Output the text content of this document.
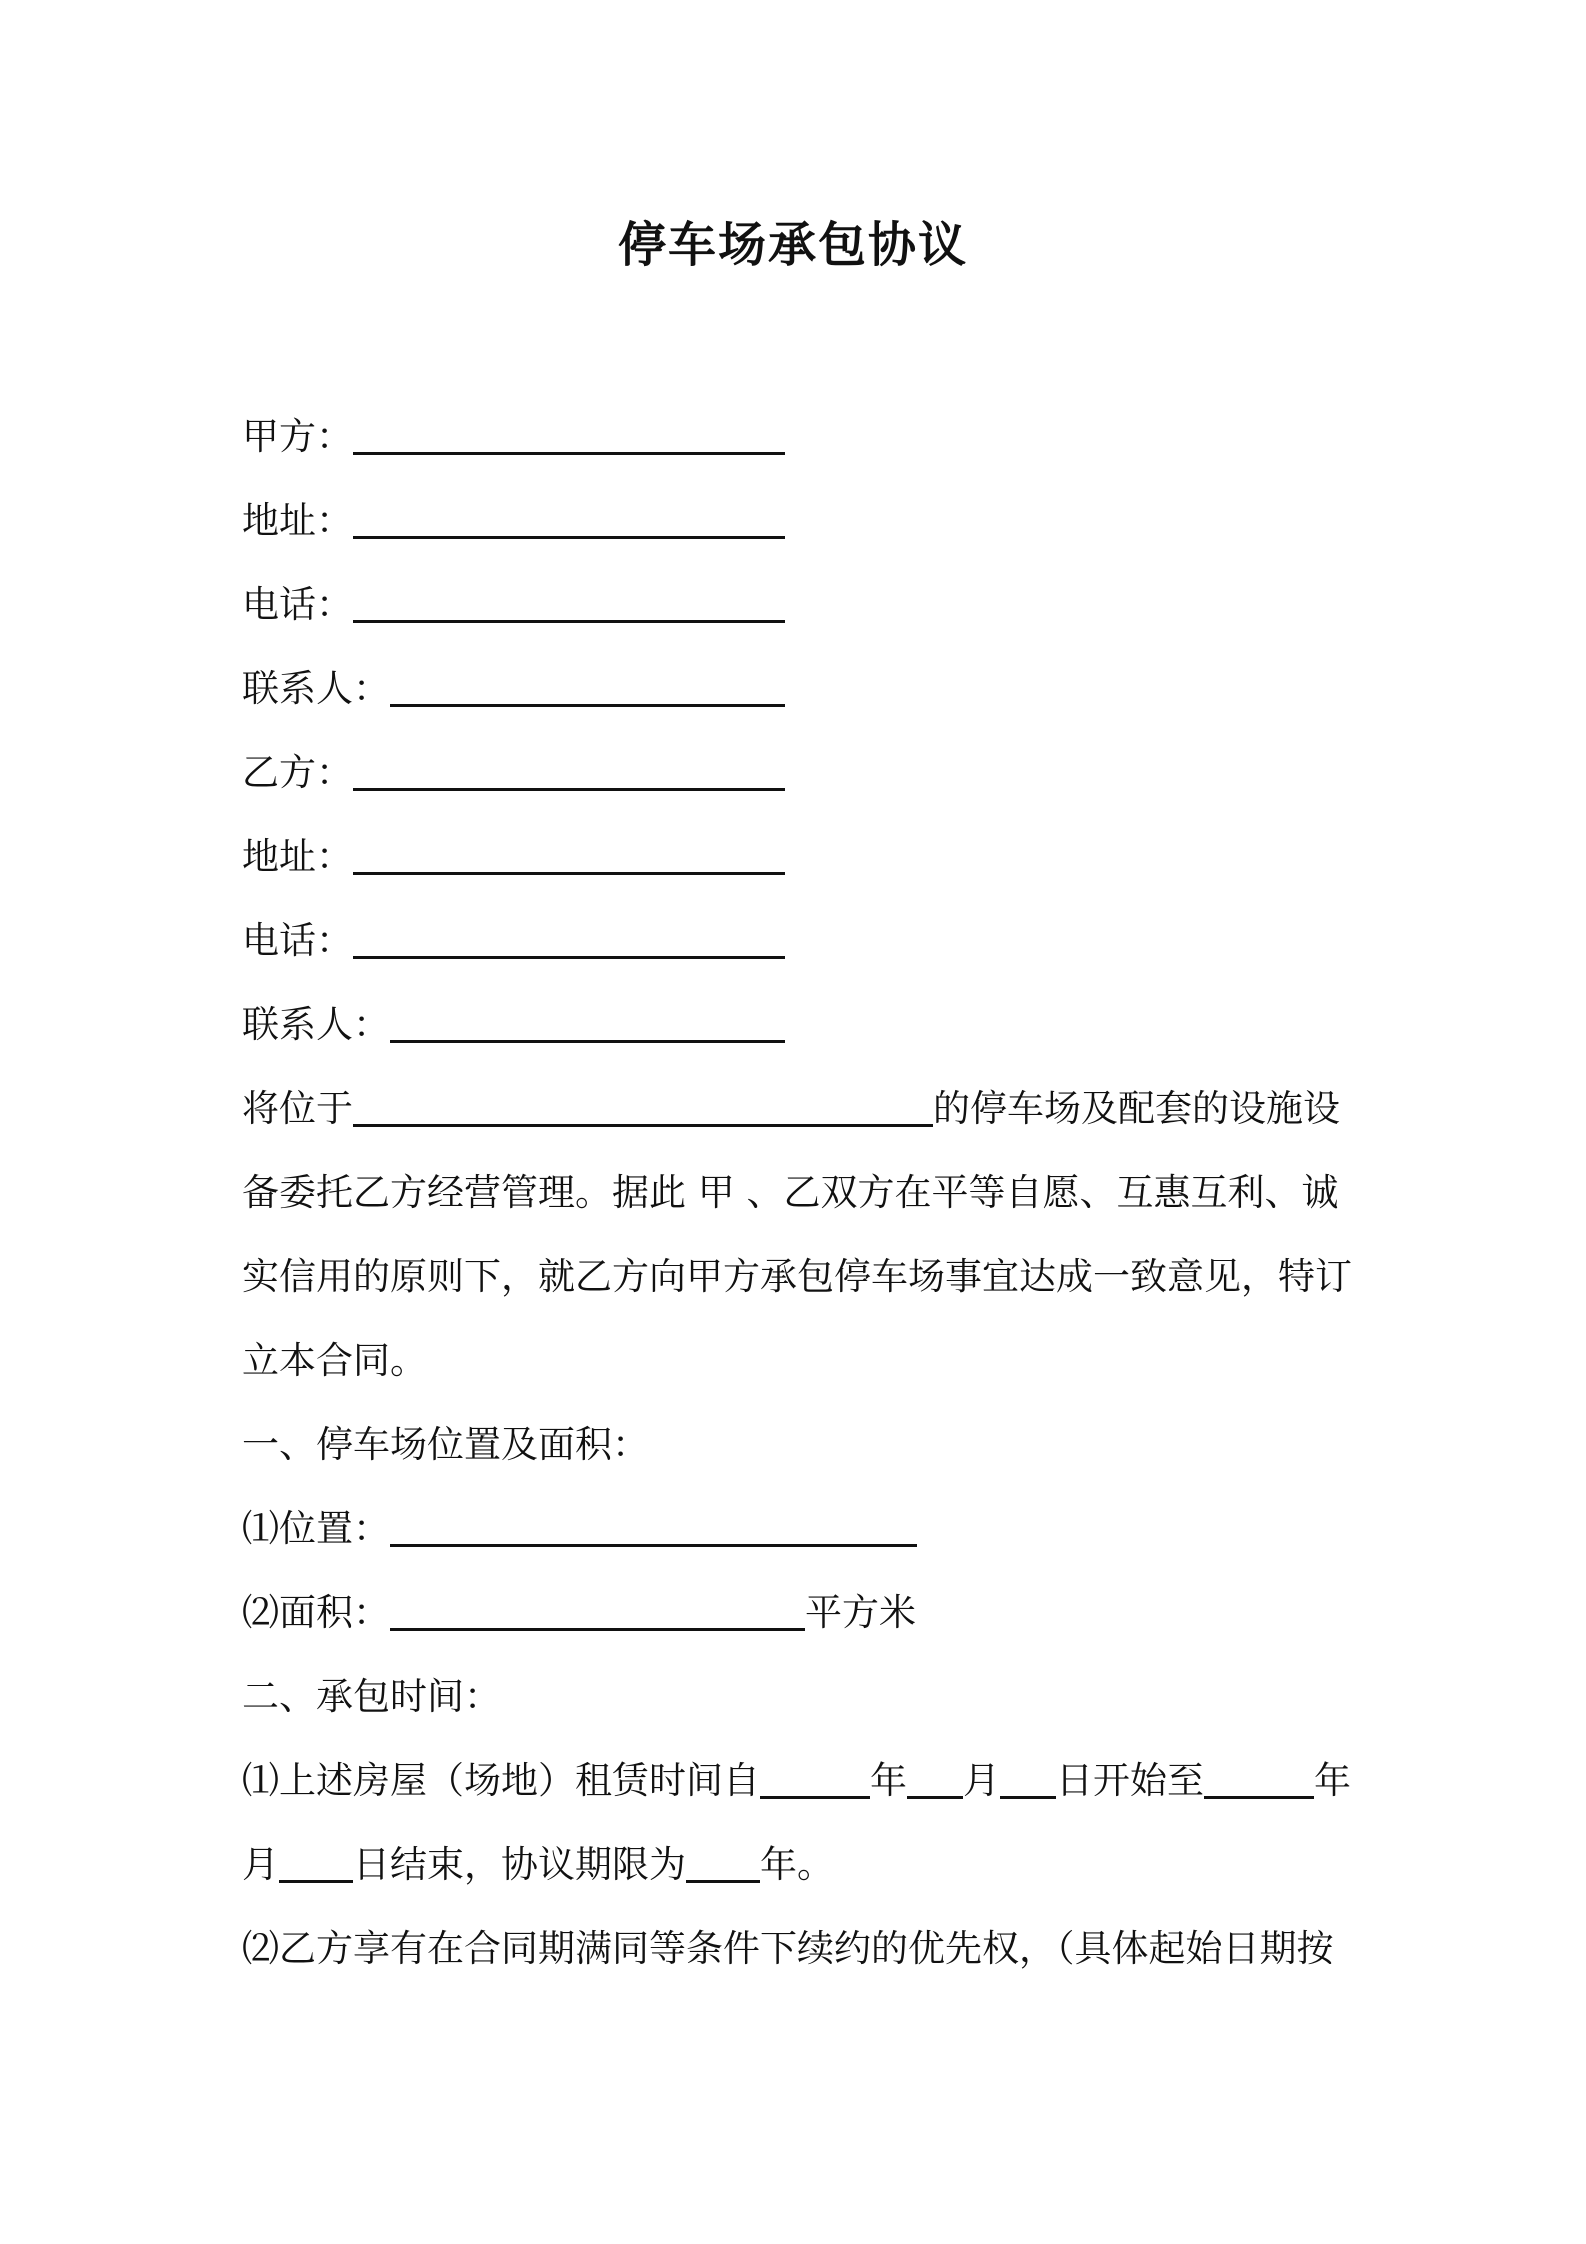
停车场承包协议
甲方：
地址：
电话：
联系人：
乙方：
地址：
电话：
联系人：
将位于	的停车场及配套的设施设
备委托乙方经营管理。据此 甲 、乙双方在平等自愿、互惠互利、诚
实信用的原则下，就乙方向甲方承包停车场事宜达成一致意见，特订
立本合同。
一、停车场位置及面积：
⑴位置：
⑵面积：	平方米
二、承包时间：
⑴上述房屋（场地）租赁时间自	年 月 日开始至	年
月 日结束，协议期限为 年。
⑵乙方享有在合同期满同等条件下续约的优先权，（具体起始日期按
